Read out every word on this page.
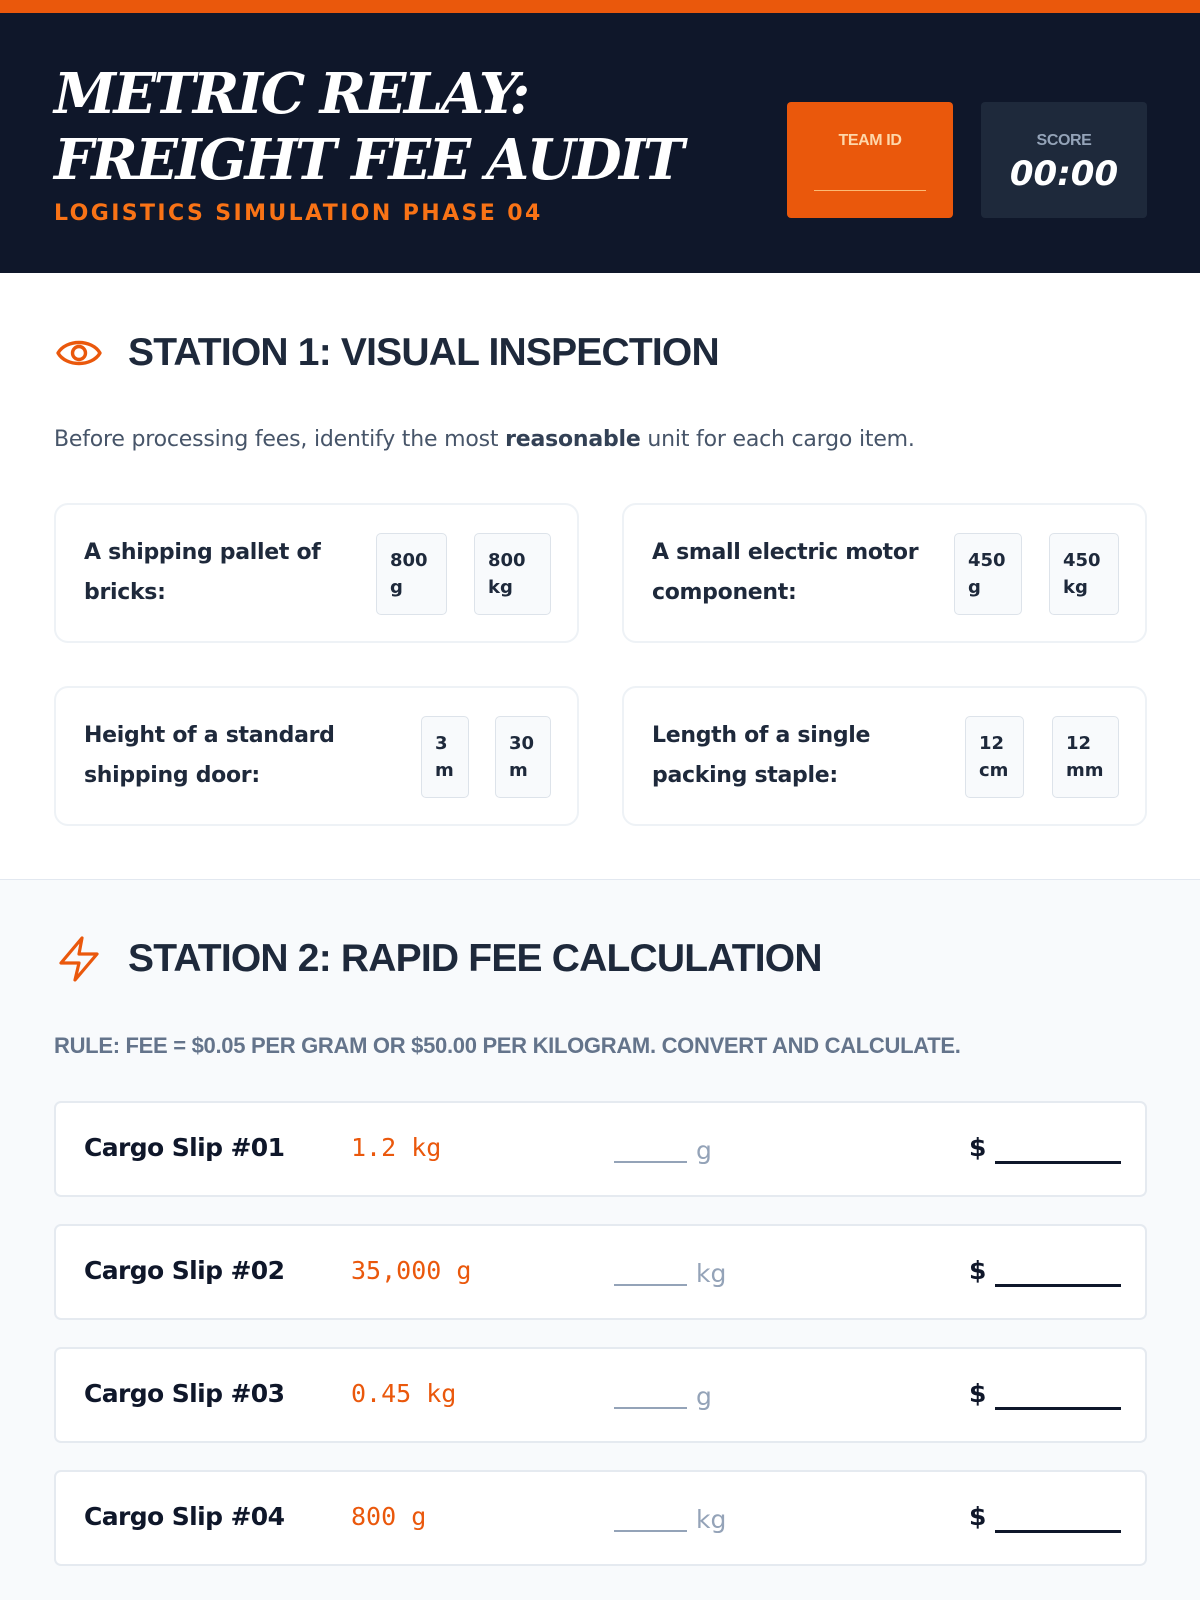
METRIC RELAY: FREIGHT FEE AUDIT
LOGISTICS SIMULATION PHASE 04
TEAM ID	SCORE
00:00
STATION 1: VISUAL INSPECTION

Before processing fees, identify the most reasonable unit for each cargo item.

A shipping pallet of bricks:
800
g
800
kg
A small electric motor component:
450
g
450
kg
Height of a standard shipping door:
3
m
30
m
Length of a single packing staple:
12
cm
12
mm
STATION 2: RAPID FEE CALCULATION
RULE: FEE = $0.05 PER GRAM OR $50.00 PER KILOGRAM. CONVERT AND CALCULATE.
Cargo Slip #01	1.2 kg	g	$
Cargo Slip #02	35,000 g	kg	$
Cargo Slip #03	0.45 kg	g	$
Cargo Slip #04	800 g	kg	$
